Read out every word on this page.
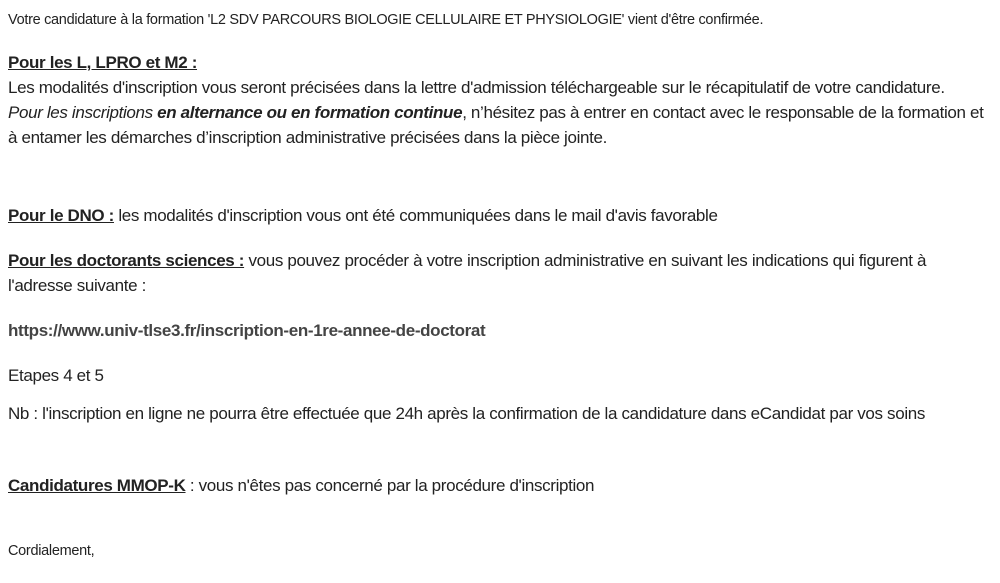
Votre candidature à la formation 'L2 SDV PARCOURS BIOLOGIE CELLULAIRE ET PHYSIOLOGIE' vient d'être confirmée.
Pour les L, LPRO et M2 :
Les modalités d'inscription vous seront précisées dans la lettre d'admission téléchargeable sur le récapitulatif de votre candidature.
Pour les inscriptions en alternance ou en formation continue, n’hésitez pas à entrer en contact avec le responsable de la formation et à entamer les démarches d’inscription administrative précisées dans la pièce jointe.
Pour le DNO : les modalités d'inscription vous ont été communiquées dans le mail d'avis favorable
Pour les doctorants sciences : vous pouvez procéder à votre inscription administrative en suivant les indications qui figurent à l'adresse suivante :
https://www.univ-tlse3.fr/inscription-en-1re-annee-de-doctorat
Etapes 4 et 5
Nb : l'inscription en ligne ne pourra être effectuée que 24h après la confirmation de la candidature dans eCandidat par vos soins
Candidatures MMOP-K : vous n'êtes pas concerné par la procédure d'inscription
Cordialement,
